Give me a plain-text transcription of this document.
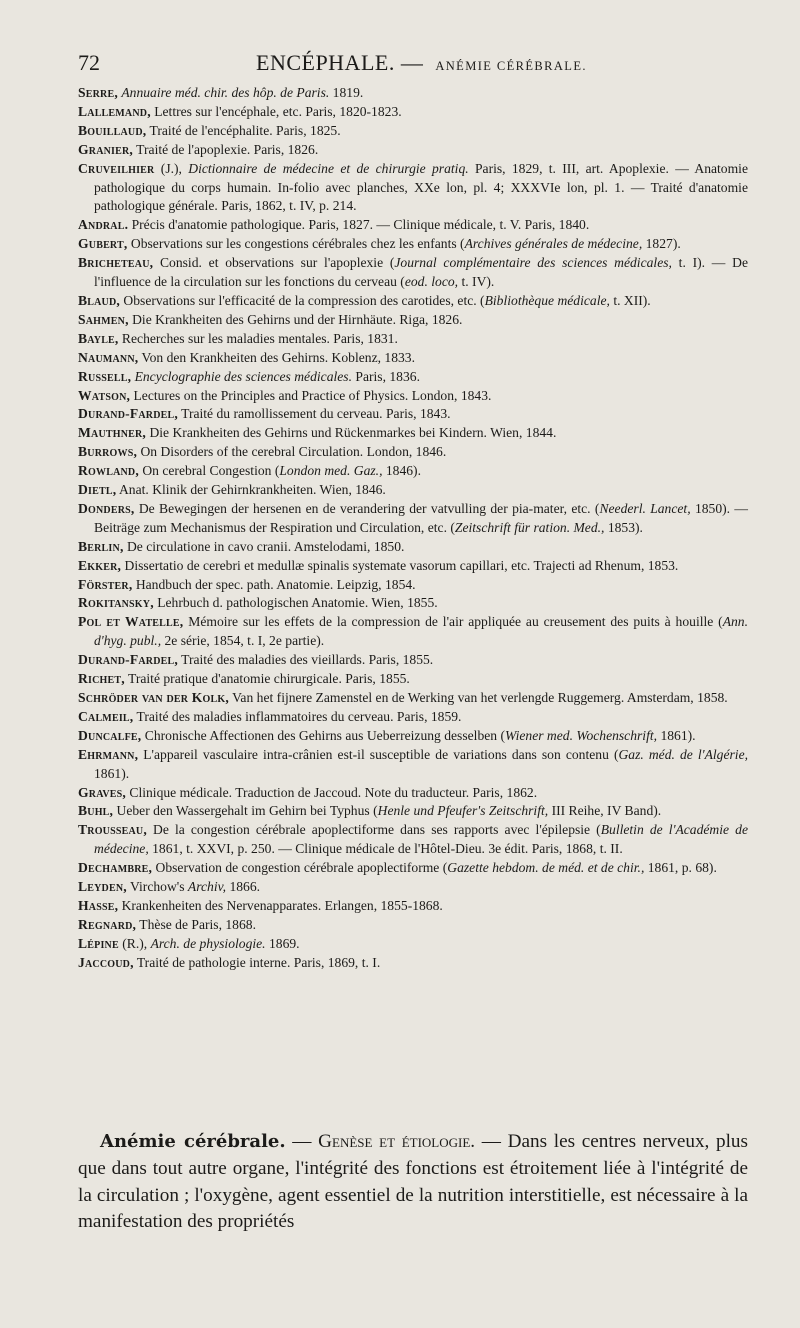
72	ENCÉPHALE. — ANÉMIE CÉRÉBRALE.
Serre, Annuaire méd. chir. des hôp. de Paris. 1819.
Lallemand, Lettres sur l'encéphale, etc. Paris, 1820-1823.
Bouillaud, Traité de l'encéphalite. Paris, 1825.
Granier, Traité de l'apoplexie. Paris, 1826.
Cruveilhier (J.), Dictionnaire de médecine et de chirurgie pratiq. Paris, 1829, t. III, art. Apoplexie. — Anatomie pathologique du corps humain. In-folio avec planches, XXe lon, pl. 4; XXXVIe lon, pl. 1. — Traité d'anatomie pathologique générale. Paris, 1862, t. IV, p. 214.
Andral. Précis d'anatomie pathologique. Paris, 1827. — Clinique médicale, t. V. Paris, 1840.
Gubert, Observations sur les congestions cérébrales chez les enfants (Archives générales de médecine, 1827).
Bricheteau, Consid. et observations sur l'apoplexie (Journal complémentaire des sciences médicales, t. I). — De l'influence de la circulation sur les fonctions du cerveau (eod. loco, t. IV).
Blaud, Observations sur l'efficacité de la compression des carotides, etc. (Bibliothèque médicale, t. XII).
Sahmen, Die Krankheiten des Gehirns und der Hirnhäute. Riga, 1826.
Bayle, Recherches sur les maladies mentales. Paris, 1831.
Naumann, Von den Krankheiten des Gehirns. Koblenz, 1833.
Russell, Encyclographie des sciences médicales. Paris, 1836.
Watson, Lectures on the Principles and Practice of Physics. London, 1843.
Durand-Fardel, Traité du ramollissement du cerveau. Paris, 1843.
Mauthner, Die Krankheiten des Gehirns und Rückenmarkes bei Kindern. Wien, 1844.
Burrows, On Disorders of the cerebral Circulation. London, 1846.
Rowland, On cerebral Congestion (London med. Gaz., 1846).
Dietl, Anat. Klinik der Gehirnkrankheiten. Wien, 1846.
Donders, De Bewegingen der hersenen en de verandering der vatvulling der pia-mater, etc. (Neederl. Lancet, 1850). — Beiträge zum Mechanismus der Respiration und Circulation, etc. (Zeitschrift für ration. Med., 1853).
Berlin, De circulatione in cavo cranii. Amstelodami, 1850.
Ekker, Dissertatio de cerebri et medullæ spinalis systemate vasorum capillari, etc. Trajecti ad Rhenum, 1853.
Förster, Handbuch der spec. path. Anatomie. Leipzig, 1854.
Rokitansky, Lehrbuch d. pathologischen Anatomie. Wien, 1855.
Pol et Watelle, Mémoire sur les effets de la compression de l'air appliquée au creusement des puits à houille (Ann. d'hyg. publ., 2e série, 1854, t. I, 2e partie).
Durand-Fardel, Traité des maladies des vieillards. Paris, 1855.
Richet, Traité pratique d'anatomie chirurgicale. Paris, 1855.
Schröder van der Kolk, Van het fijnere Zamenstel en de Werking van het verlengde Ruggemerg. Amsterdam, 1858.
Calmeil, Traité des maladies inflammatoires du cerveau. Paris, 1859.
Duncalfe, Chronische Affectionen des Gehirns aus Ueberreizung desselben (Wiener med. Wochenschrift, 1861).
Ehrmann, L'appareil vasculaire intra-crânien est-il susceptible de variations dans son contenu (Gaz. méd. de l'Algérie, 1861).
Graves, Clinique médicale. Traduction de Jaccoud. Note du traducteur. Paris, 1862.
Buhl, Ueber den Wassergehalt im Gehirn bei Typhus (Henle und Pfeufer's Zeitschrift, III Reihe, IV Band).
Trousseau, De la congestion cérébrale apoplectiforme dans ses rapports avec l'épilepsie (Bulletin de l'Académie de médecine, 1861, t. XXVI, p. 250. — Clinique médicale de l'Hôtel-Dieu. 3e édit. Paris, 1868, t. II.
Dechambre, Observation de congestion cérébrale apoplectiforme (Gazette hebdom. de méd. et de chir., 1861, p. 68).
Leyden, Virchow's Archiv, 1866.
Hasse, Krankenheiten des Nervenapparates. Erlangen, 1855-1868.
Regnard, Thèse de Paris, 1868.
Lépine (R.), Arch. de physiologie. 1869.
Jaccoud, Traité de pathologie interne. Paris, 1869, t. I.
Anémie cérébrale. — Genèse et étiologie. — Dans les centres nerveux, plus que dans tout autre organe, l'intégrité des fonctions est étroitement liée à l'intégrité de la circulation ; l'oxygène, agent essentiel de la nutrition interstitielle, est nécessaire à la manifestation des propriétés
